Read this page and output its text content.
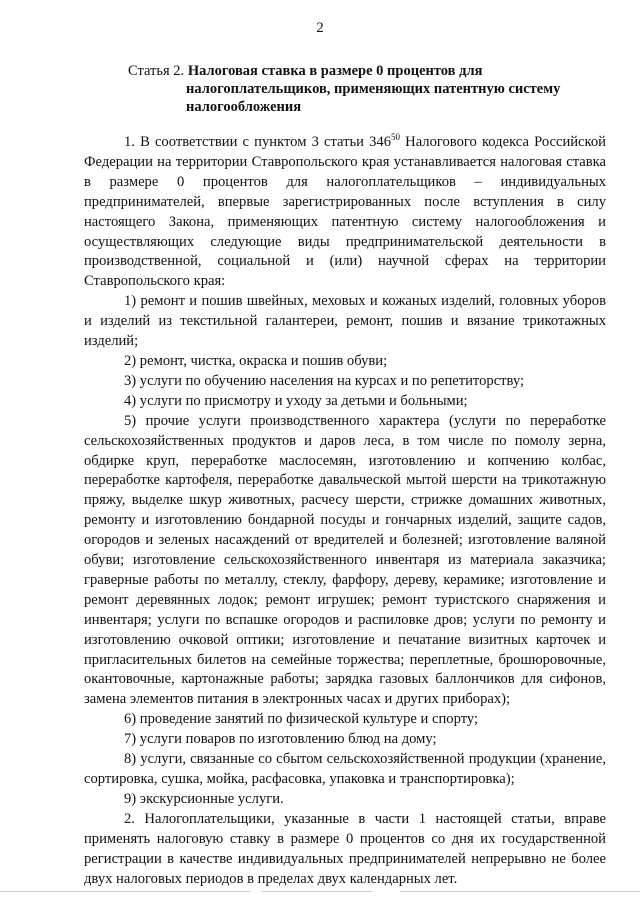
2
Статья 2. Налоговая ставка в размере 0 процентов для
налогоплательщиков, применяющих патентную систему налогообложения

1. В соответствии с пунктом 3 статьи $346^{50}$ Налогового кодекса Российской Федерации на территории Ставропольского края устанавливается налоговая ставка в размере 0 процентов для налогоплательщиков – индивидуальных предпринимателей, впервые зарегистрированных после вступления в силу настоящего Закона, применяющих патентную систему налогообложения и осуществляющих следующие виды предпринимательской деятельности в производственной, социальной и (или) научной сферах на территории Ставропольского края:

1) ремонт и пошив швейных, меховых и кожаных изделий, головных уборов и изделий из текстильной галантереи, ремонт, пошив и вязание трикотажных изделий;

2) ремонт, чистка, окраска и пошив обуви;

3) услуги по обучению населения на курсах и по репетиторству;

4) услуги по присмотру и уходу за детьми и больными;

5) прочие услуги производственного характера (услуги по переработке сельскохозяйственных продуктов и даров леса, в том числе по помолу зерна, обдирке круп, переработке маслосемян, изготовлению и копчению колбас, переработке картофеля, переработке давальческой мытой шерсти на трикотажную пряжу, выделке шкур животных, расчесу шерсти, стрижке домашних животных, ремонту и изготовлению бондарной посуды и гончарных изделий, защите садов, огородов и зеленых насаждений от вредителей и болезней; изготовление валяной обуви; изготовление сельскохозяйственного инвентаря из материала заказчика; граверные работы по металлу, стеклу, фарфору, дереву, керамике; изготовление и ремонт деревянных лодок; ремонт игрушек; ремонт туристского снаряжения и инвентаря; услуги по вспашке огородов и распиловке дров; услуги по ремонту и изготовлению очковой оптики; изготовление и печатание визитных карточек и пригласительных билетов на семейные торжества; переплетные, брошюровочные, окантовочные, картонажные работы; зарядка газовых баллончиков для сифонов, замена элементов питания в электронных часах и других приборах);

6) проведение занятий по физической культуре и спорту;

7) услуги поваров по изготовлению блюд на дому;

8) услуги, связанные со сбытом сельскохозяйственной продукции (хранение, сортировка, сушка, мойка, расфасовка, упаковка и транспортировка);

9) экскурсионные услуги.

2. Налогоплательщики, указанные в части 1 настоящей статьи, вправе применять налоговую ставку в размере 0 процентов со дня их государственной регистрации в качестве индивидуальных предпринимателей непрерывно не более двух налоговых периодов в пределах двух календарных лет.
